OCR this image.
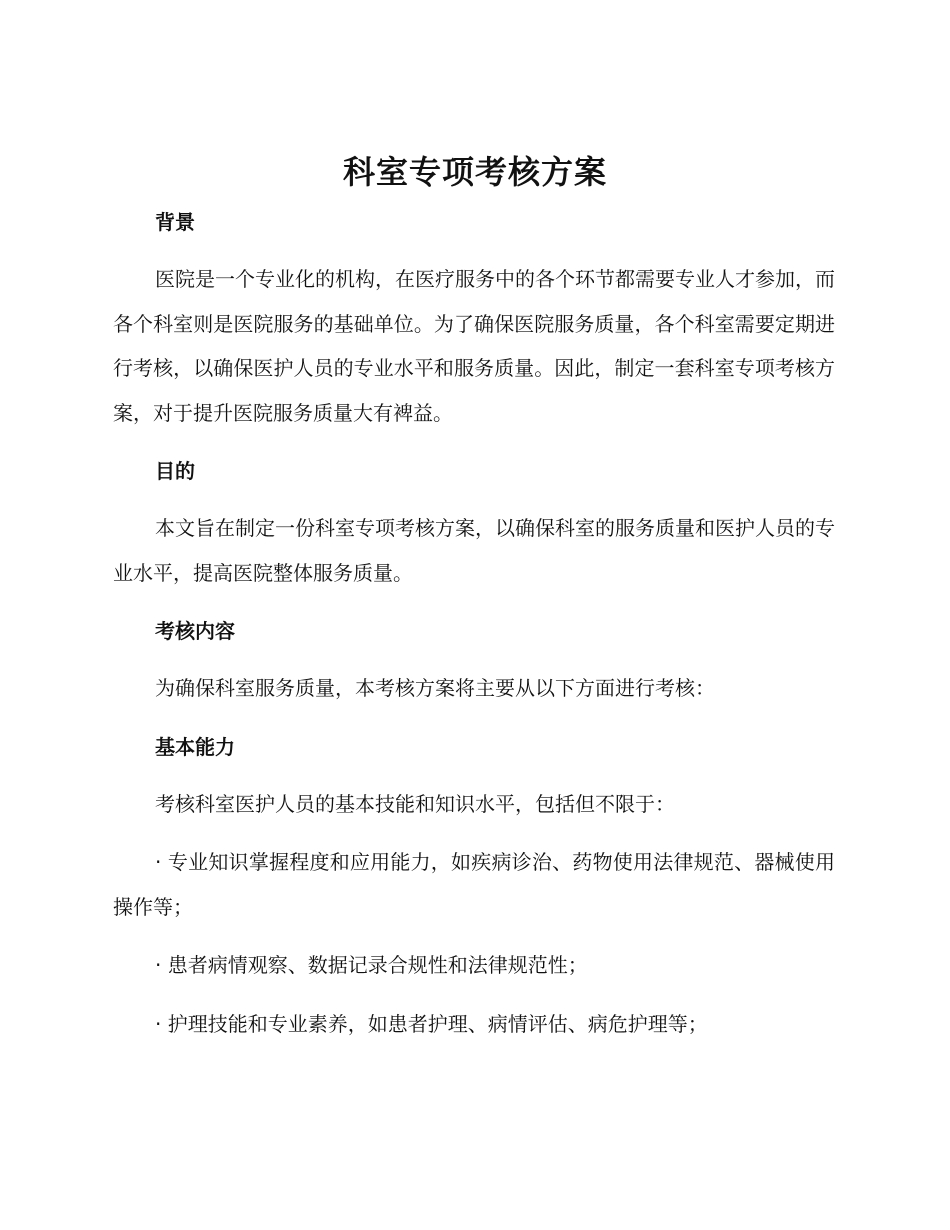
科室专项考核方案

背景

医院是一个专业化的机构，在医疗服务中的各个环节都需要专业人才参加，而各个科室则是医院服务的基础单位。为了确保医院服务质量，各个科室需要定期进行考核，以确保医护人员的专业水平和服务质量。因此，制定一套科室专项考核方案，对于提升医院服务质量大有裨益。

目的

本文旨在制定一份科室专项考核方案，以确保科室的服务质量和医护人员的专业水平，提高医院整体服务质量。

考核内容

为确保科室服务质量，本考核方案将主要从以下方面进行考核：

基本能力

考核科室医护人员的基本技能和知识水平，包括但不限于：

· 专业知识掌握程度和应用能力，如疾病诊治、药物使用法律规范、器械使用操作等；

· 患者病情观察、数据记录合规性和法律规范性；

· 护理技能和专业素养，如患者护理、病情评估、病危护理等；
